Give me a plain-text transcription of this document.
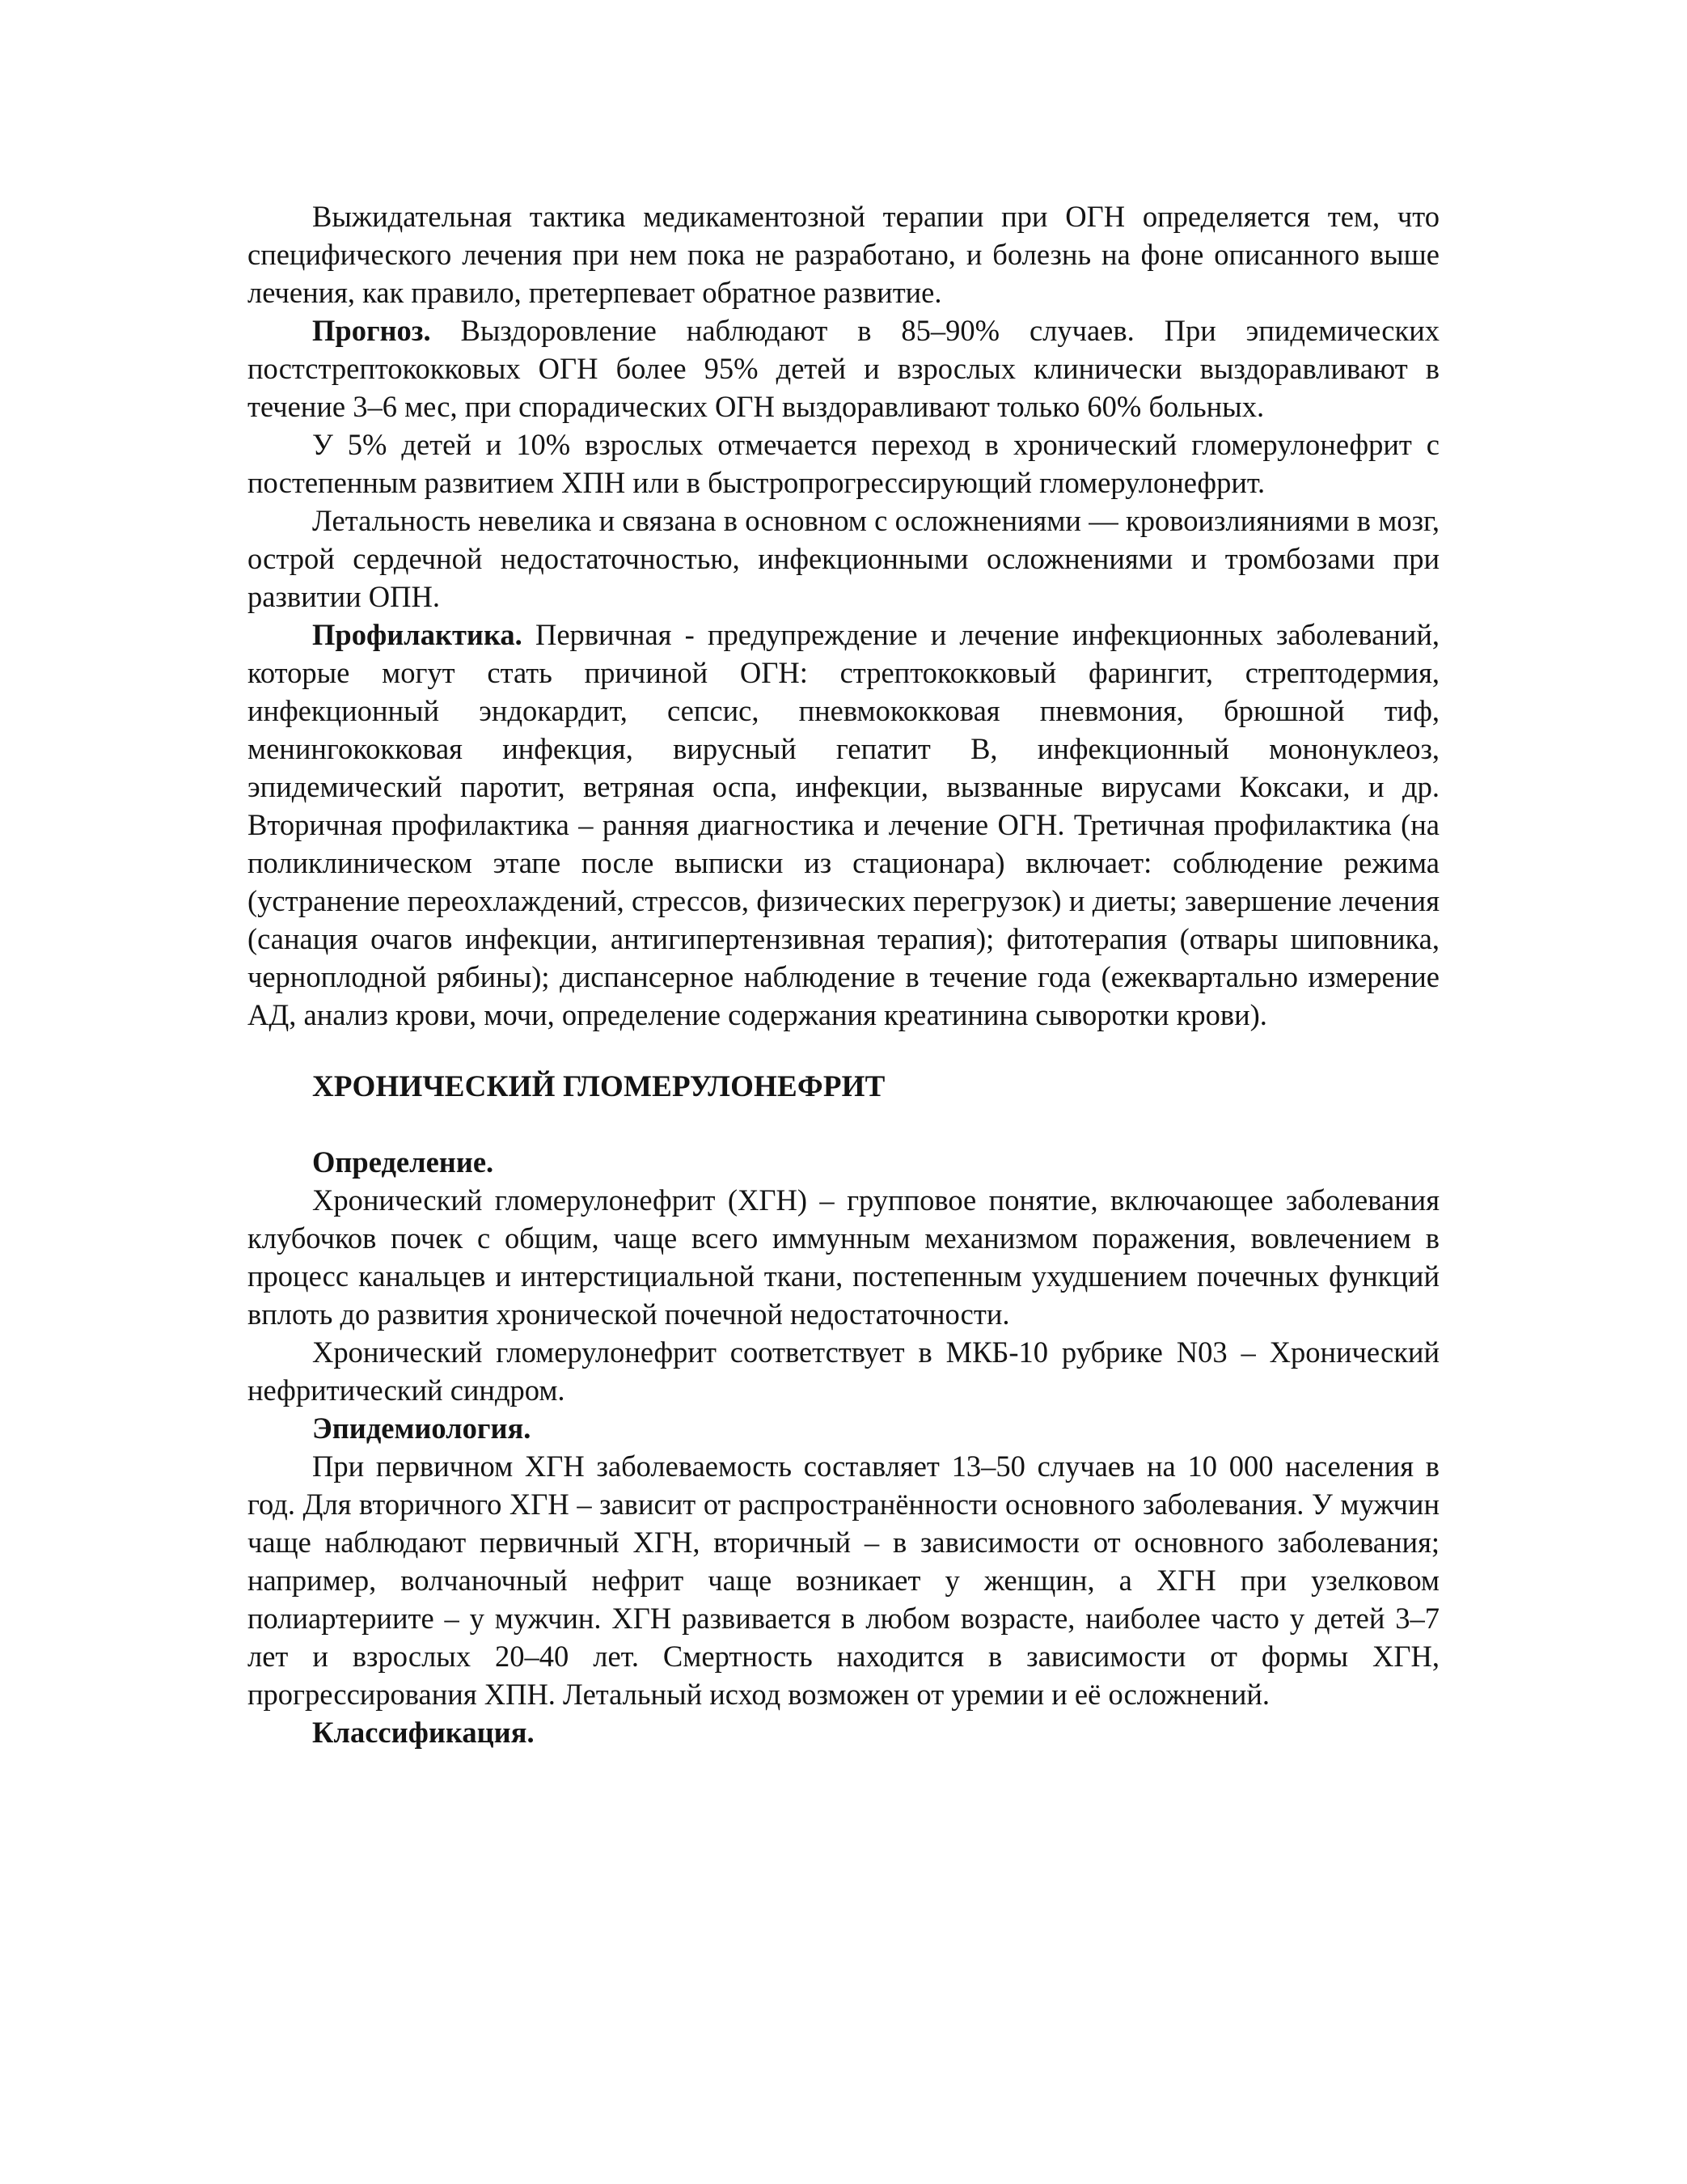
Выжидательная тактика медикаментозной терапии при ОГН определяется тем, что специфического лечения при нем пока не разработано, и болезнь на фоне описанного выше лечения, как правило, претерпевает обратное развитие.

Прогноз. Выздоровление наблюдают в 85–90% случаев. При эпидемических постстрептококковых ОГН более 95% детей и взрослых клинически выздоравливают в течение 3–6 мес, при спорадических ОГН выздоравливают только 60% больных.

У 5% детей и 10% взрослых отмечается переход в хронический гломерулонефрит с постепенным развитием ХПН или в быстропрогрессирующий гломерулонефрит.

Летальность невелика и связана в основном с осложнениями — кровоизлияниями в мозг, острой сердечной недостаточностью, инфекционными осложнениями и тромбозами при развитии ОПН.

Профилактика. Первичная - предупреждение и лечение инфекционных заболеваний, которые могут стать причиной ОГН: стрептококковый фарингит, стрептодермия, инфекционный эндокардит, сепсис, пневмококковая пневмония, брюшной тиф, менингококковая инфекция, вирусный гепатит В, инфекционный мононуклеоз, эпидемический паротит, ветряная оспа, инфекции, вызванные вирусами Коксаки, и др. Вторичная профилактика – ранняя диагностика и лечение ОГН. Третичная профилактика (на поликлиническом этапе после выписки из стационара) включает: соблюдение режима (устранение переохлаждений, стрессов, физических перегрузок) и диеты; завершение лечения (санация очагов инфекции, антигипертензивная терапия); фитотерапия (отвары шиповника, черноплодной рябины); диспансерное наблюдение в течение года (ежеквартально измерение АД, анализ крови, мочи, определение содержания креатинина сыворотки крови).

ХРОНИЧЕСКИЙ ГЛОМЕРУЛОНЕФРИТ

Определение.

Хронический гломерулонефрит (ХГН) – групповое понятие, включающее заболевания клубочков почек с общим, чаще всего иммунным механизмом поражения, вовлечением в процесс канальцев и интерстициальной ткани, постепенным ухудшением почечных функций вплоть до развития хронической почечной недостаточности.

Хронический гломерулонефрит соответствует в МКБ-10 рубрике N03 – Хронический нефритический синдром.

Эпидемиология.

При первичном ХГН заболеваемость составляет 13–50 случаев на 10 000 населения в год. Для вторичного ХГН – зависит от распространённости основного заболевания. У мужчин чаще наблюдают первичный ХГН, вторичный – в зависимости от основного заболевания; например, волчаночный нефрит чаще возникает у женщин, а ХГН при узелковом полиартериите – у мужчин. ХГН развивается в любом возрасте, наиболее часто у детей 3–7 лет и взрослых 20–40 лет. Смертность находится в зависимости от формы ХГН, прогрессирования ХПН. Летальный исход возможен от уремии и её осложнений.

Классификация.
